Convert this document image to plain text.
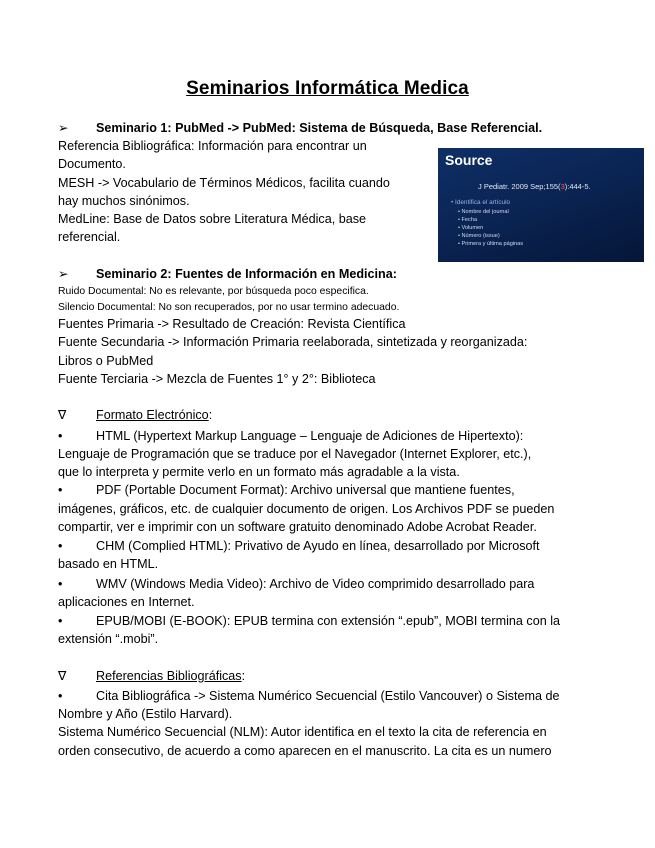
Seminarios Informática Medica
➢ Seminario 1: PubMed -> PubMed: Sistema de Búsqueda, Base Referencial.
Referencia Bibliográfica: Información para encontrar un
Documento.
MESH -> Vocabulario de Términos Médicos, facilita cuando
hay muchos sinónimos.
MedLine: Base de Datos sobre Literatura Médica, base
referencial.
Source
J Pediatr. 2009 Sep;155(3):444-5.
• Identifica el artículo
• Nombre del journal
• Fecha
• Volumen
• Número (issue)
• Primera y última páginas
➢ Seminario 2: Fuentes de Información en Medicina:
Ruido Documental: No es relevante, por búsqueda poco especifica.
Silencio Documental: No son recuperados, por no usar termino adecuado.
Fuentes Primaria -> Resultado de Creación: Revista Científica
Fuente Secundaria -> Información Primaria reelaborada, sintetizada y reorganizada:
Libros o PubMed
Fuente Terciaria -> Mezcla de Fuentes 1° y 2°: Biblioteca
∇ Formato Electrónico:
•	HTML (Hypertext Markup Language – Lenguaje de Adiciones de Hipertexto):
Lenguaje de Programación que se traduce por el Navegador (Internet Explorer, etc.),
que lo interpreta y permite verlo en un formato más agradable a la vista.
•	PDF (Portable Document Format): Archivo universal que mantiene fuentes,
imágenes, gráficos, etc. de cualquier documento de origen. Los Archivos PDF se pueden
compartir, ver e imprimir con un software gratuito denominado Adobe Acrobat Reader.
•	CHM (Complied HTML): Privativo de Ayudo en línea, desarrollado por Microsoft
basado en HTML.
•	WMV (Windows Media Video): Archivo de Video comprimido desarrollado para
aplicaciones en Internet.
•	EPUB/MOBI (E-BOOK): EPUB termina con extensión “.epub”, MOBI termina con la
extensión “.mobi”.
∇ Referencias Bibliográficas:
•	Cita Bibliográfica -> Sistema Numérico Secuencial (Estilo Vancouver) o Sistema de
Nombre y Año (Estilo Harvard).
Sistema Numérico Secuencial (NLM): Autor identifica en el texto la cita de referencia en
orden consecutivo, de acuerdo a como aparecen en el manuscrito. La cita es un numero
